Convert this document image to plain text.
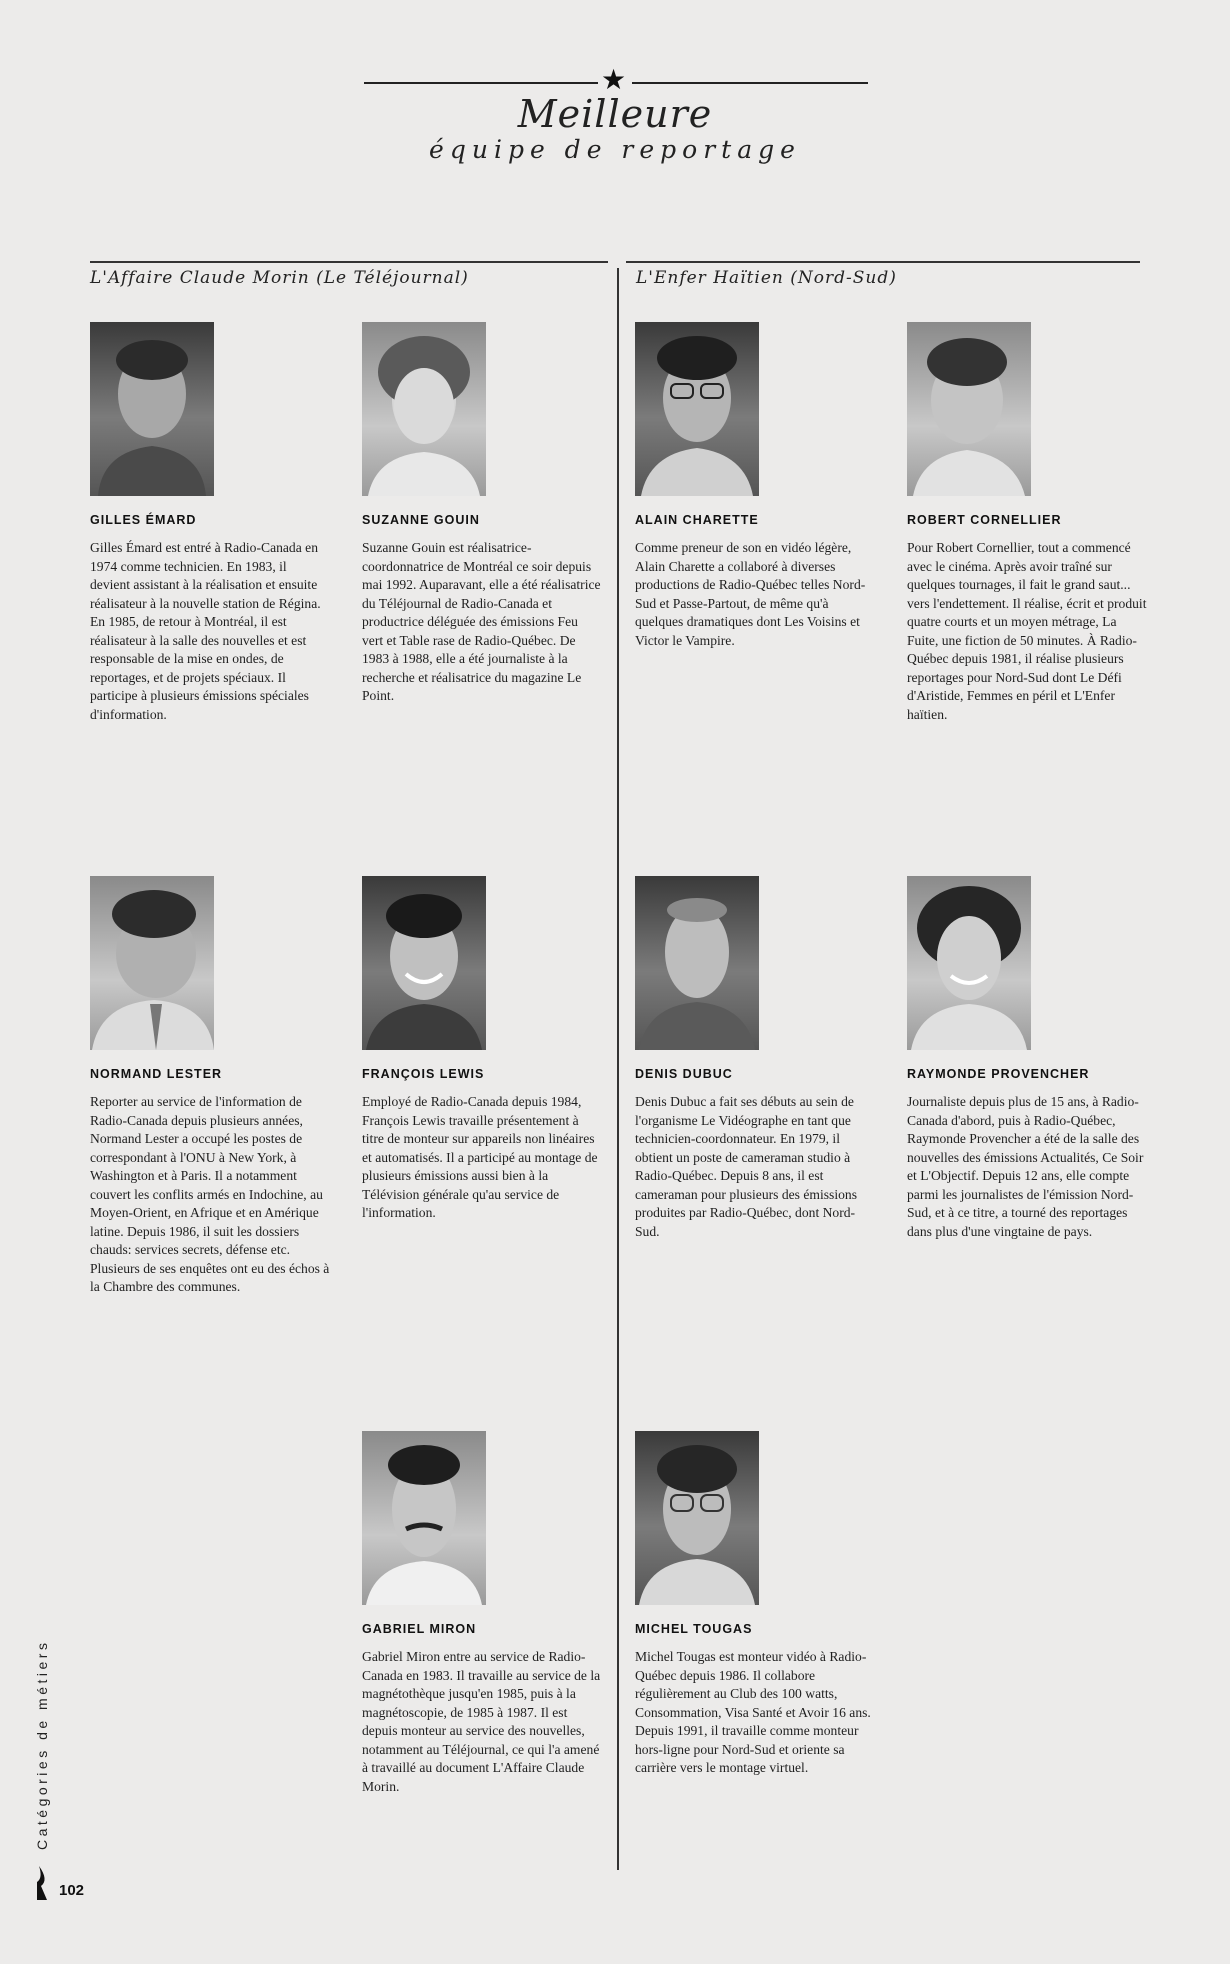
★
Meilleure
équipe de reportage
L'Affaire Claude Morin (Le Téléjournal)	L'Enfer Haïtien (Nord-Sud)
GILLES ÉMARD
Gilles Émard est entré à Radio-Canada en 1974 comme technicien. En 1983, il devient assistant à la réalisation et ensuite réalisateur à la nouvelle station de Régina. En 1985, de retour à Montréal, il est réalisateur à la salle des nouvelles et est responsable de la mise en ondes, de reportages, et de projets spéciaux. Il participe à plusieurs émissions spéciales d'information.
SUZANNE GOUIN
Suzanne Gouin est réalisatrice-coordonnatrice de Montréal ce soir depuis mai 1992. Auparavant, elle a été réalisatrice du Téléjournal de Radio-Canada et productrice déléguée des émissions Feu vert et Table rase de Radio-Québec. De 1983 à 1988, elle a été journaliste à la recherche et réalisatrice du magazine Le Point.
ALAIN CHARETTE
Comme preneur de son en vidéo légère, Alain Charette a collaboré à diverses productions de Radio-Québec telles Nord-Sud et Passe-Partout, de même qu'à quelques dramatiques dont Les Voisins et Victor le Vampire.
ROBERT CORNELLIER
Pour Robert Cornellier, tout a commencé avec le cinéma. Après avoir traîné sur quelques tournages, il fait le grand saut... vers l'endettement. Il réalise, écrit et produit quatre courts et un moyen métrage, La Fuite, une fiction de 50 minutes. À Radio-Québec depuis 1981, il réalise plusieurs reportages pour Nord-Sud dont Le Défi d'Aristide, Femmes en péril et L'Enfer haïtien.
NORMAND LESTER
Reporter au service de l'information de Radio-Canada depuis plusieurs années, Normand Lester a occupé les postes de correspondant à l'ONU à New York, à Washington et à Paris. Il a notamment couvert les conflits armés en Indochine, au Moyen-Orient, en Afrique et en Amérique latine. Depuis 1986, il suit les dossiers chauds: services secrets, défense etc. Plusieurs de ses enquêtes ont eu des échos à la Chambre des communes.
FRANÇOIS LEWIS
Employé de Radio-Canada depuis 1984, François Lewis travaille présentement à titre de monteur sur appareils non linéaires et automatisés. Il a participé au montage de plusieurs émissions aussi bien à la Télévision générale qu'au service de l'information.
DENIS DUBUC
Denis Dubuc a fait ses débuts au sein de l'organisme Le Vidéographe en tant que technicien-coordonnateur. En 1979, il obtient un poste de cameraman studio à Radio-Québec. Depuis 8 ans, il est cameraman pour plusieurs des émissions produites par Radio-Québec, dont Nord-Sud.
RAYMONDE PROVENCHER
Journaliste depuis plus de 15 ans, à Radio-Canada d'abord, puis à Radio-Québec, Raymonde Provencher a été de la salle des nouvelles des émissions Actualités, Ce Soir et L'Objectif. Depuis 12 ans, elle compte parmi les journalistes de l'émission Nord-Sud, et à ce titre, a tourné des reportages dans plus d'une vingtaine de pays.
GABRIEL MIRON
Gabriel Miron entre au service de Radio-Canada en 1983. Il travaille au service de la magnétothèque jusqu'en 1985, puis à la magnétoscopie, de 1985 à 1987. Il est depuis monteur au service des nouvelles, notamment au Téléjournal, ce qui l'a amené à travaillé au document L'Affaire Claude Morin.
MICHEL TOUGAS
Michel Tougas est monteur vidéo à Radio-Québec depuis 1986. Il collabore régulièrement au Club des 100 watts, Consommation, Visa Santé et Avoir 16 ans. Depuis 1991, il travaille comme monteur hors-ligne pour Nord-Sud et oriente sa carrière vers le montage virtuel.
Catégories de métiers
102
